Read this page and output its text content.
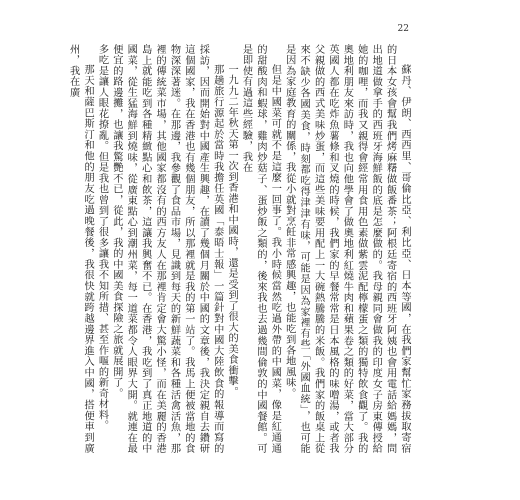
22

蘇丹、伊朗、西西里、哥倫比亞、利比亞、日本等國，在我們家幫忙家務拔取寄宿的日本女孩會幫我們烤麻糬做飯番茶；阿根廷寄宿的西班牙阿姨也會用電話給媽媽，問出地道做拿手的西班牙海鮮飯的底是怎麼做的。我母親同會做我的印度女子房東傳授給她的咖哩，而我又親得會經常用食用色素做紫雲泥配檸檬蛋之類的獨特飲食觀了。我的奧地利朋友來訪時，我也向他學會了做奧地利紅燒牛肉和蘋果卷之類的好菜，當大部分英國人都在吃炸魚薯條和叉燒的時候，我們家的早餐常常是日本風格的味噌湯，或者我父親做的西式美味炒蛋，而這些美味要用配上一大碗熱騰騰的米飯。我們家的飯桌上從來不缺少各國美食，時刻都吃得津津有味，可能是因為家裡有些「外國血統」，也可能是因為家庭教育的關係，我從小就對烹飪非常感興趣，也能吃到各地風味。

但是中國菜可就不是這麼一回事了。我小時候當然吃過外帶的中國菜，像是紅通通的甜酸肉和蝦球，雞肉炒菇子、蛋炒飯之類的，後來我也去過幾間倫敦的中國餐館。可是即使有過這些經驗，我在

一九九二年秋天第一次到香港和中國時，還是受到了很大的美食衝擊。

那趟旅行源起於當時我擔任英國「泰晤士報」一篇針對中國大陸飲食的報導而寫的採訪，因而開始對中國產生興趣，在讀了幾個月關於中國的文章後，我決定親自去鑽研這個國家，我在香港也有幾個朋友，所以那裡就是我的第一站了。我馬上便被當地的食物深深著迷。在那邊，我參觀了食品市場，見識到每天的新鮮蔬菜和各種活禽活魚，那裡的傳統菜市場，其他國家都沒有的西方友人在那裡肯定會大驚小怪，而在美麗的香港島上就能吃到各種精緻點心和飲茶，這讓我興奮不已。在香港，我吃到了真正地道的中國菜，從生猛海鮮到燒味，從廣東點心到潮州菜，每一道菜都令人眼界大開。就連在最便宜的路邊攤，也讓我驚艷不已，從此，我的中國美食探險之旅就展開了。

多吃是讓人眼花撩亂。但是我也曾到了很多讓我不知所措、甚至作嘔的新奇材料。

那天和薩巴斯汀和他的朋友吃過晚餐後，我很快就跨越邊界進入中國，搭便車到廣州，我在廣
